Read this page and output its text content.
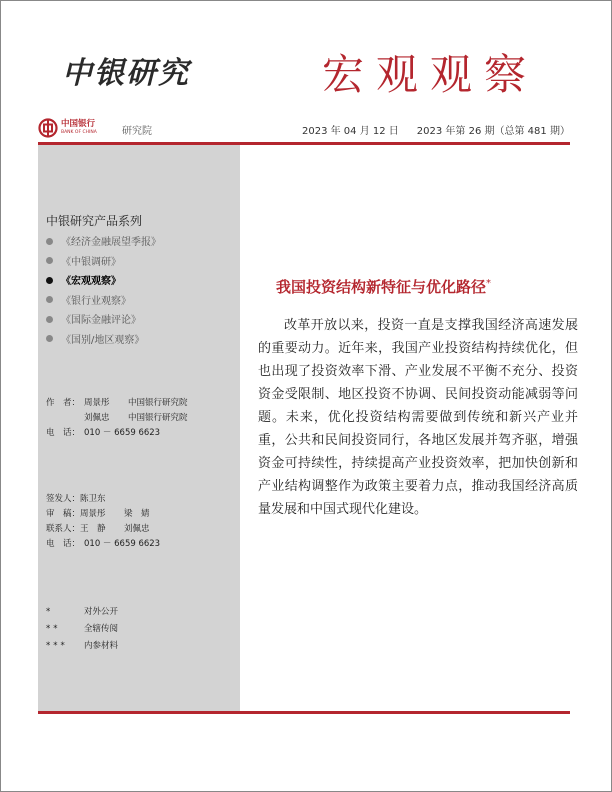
中银研究	宏观观察
中国银行
BANK OF CHINA	研究院	2023 年 04 月 12 日 2023 年第 26 期（总第 481 期）
中银研究产品系列
《经济金融展望季报》
《中银调研》
《宏观观察》
《银行业观察》
《国际金融评论》
《国别/地区观察》
作　者： 周景彤 中国银行研究院
刘佩忠 中国银行研究院
电　话： 010 － 6659 6623
签发人：陈卫东
审　稿：周景彤 梁　婧
联系人：王　静 刘佩忠
电　话： 010 － 6659 6623
*	对外公开
**	全辖传阅
*** 内参材料
我国投资结构新特征与优化路径*

改革开放以来，投资一直是支撑我国经济高速发展的重要动力。近年来，我国产业投资结构持续优化，但也出现了投资效率下滑、产业发展不平衡不充分、投资资金受限制、地区投资不协调、民间投资动能减弱等问题。未来，优化投资结构需要做到传统和新兴产业并重，公共和民间投资同行，各地区发展并驾齐驱，增强资金可持续性，持续提高产业投资效率，把加快创新和产业结构调整作为政策主要着力点，推动我国经济高质量发展和中国式现代化建设。
